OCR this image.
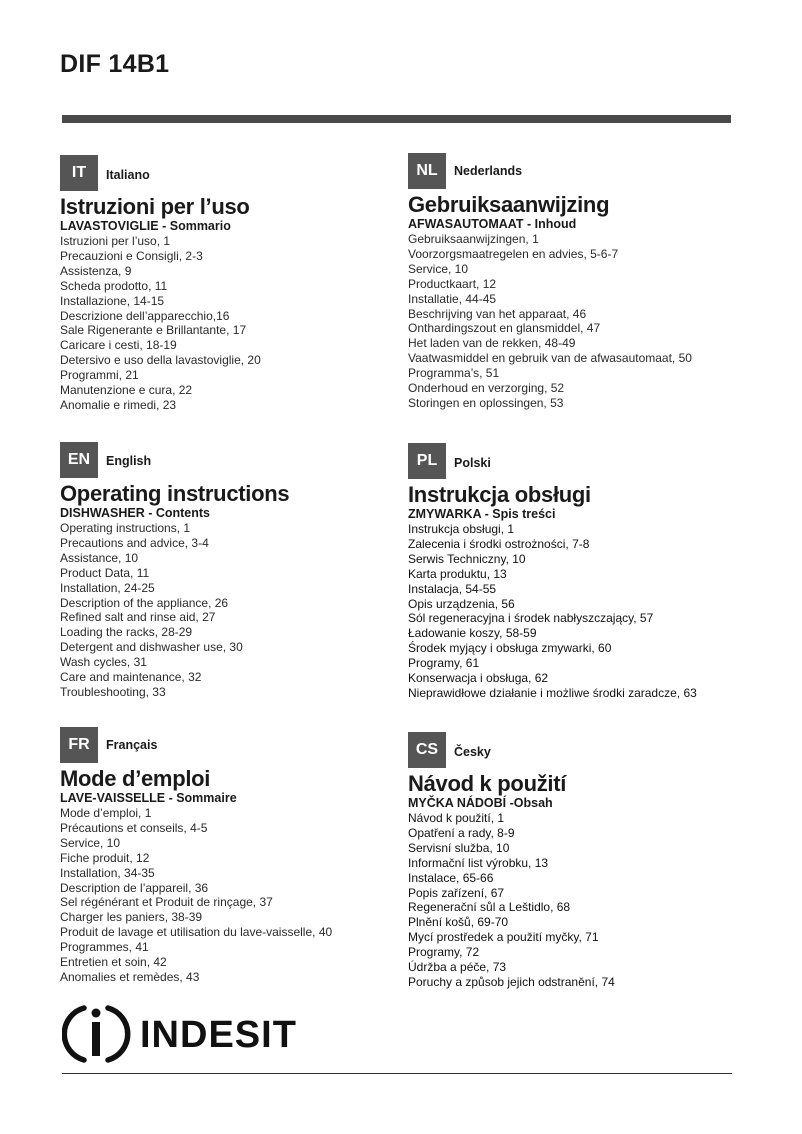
DIF 14B1
IT	Italiano
Istruzioni per l’uso
LAVASTOVIGLIE - Sommario
Istruzioni per l’uso, 1
Precauzioni e Consigli, 2-3
Assistenza, 9
Scheda prodotto, 11
Installazione, 14-15
Descrizione dell’apparecchio,16
Sale Rigenerante e Brillantante, 17
Caricare i cesti, 18-19
Detersivo e uso della lavastoviglie, 20
Programmi, 21
Manutenzione e cura, 22
Anomalie e rimedi, 23
NL	Nederlands
Gebruiksaanwijzing
AFWASAUTOMAAT - Inhoud
Gebruiksaanwijzingen, 1
Voorzorgsmaatregelen en advies, 5-6-7
Service, 10
Productkaart, 12
Installatie, 44-45
Beschrijving van het apparaat, 46
Onthardingszout en glansmiddel, 47
Het laden van de rekken, 48-49
Vaatwasmiddel en gebruik van de afwasautomaat, 50
Programma’s, 51
Onderhoud en verzorging, 52
Storingen en oplossingen, 53
EN	English
Operating instructions
DISHWASHER - Contents
Operating instructions, 1
Precautions and advice, 3-4
Assistance, 10
Product Data, 11
Installation, 24-25
Description of the appliance, 26
Refined salt and rinse aid, 27
Loading the racks, 28-29
Detergent and dishwasher use, 30
Wash cycles, 31
Care and maintenance, 32
Troubleshooting, 33
PL	Polski
Instrukcja obsługi
ZMYWARKA - Spis treści
Instrukcja obsługi, 1
Zalecenia i środki ostrożności, 7-8
Serwis Techniczny, 10
Karta produktu, 13
Instalacja, 54-55
Opis urządzenia, 56
Sól regeneracyjna i środek nabłyszczający, 57
Ładowanie koszy, 58-59
Środek myjący i obsługa zmywarki, 60
Programy, 61
Konserwacja i obsługa, 62
Nieprawidłowe działanie i możliwe środki zaradcze, 63
FR	Français
Mode d’emploi
LAVE-VAISSELLE - Sommaire
Mode d’emploi, 1
Précautions et conseils, 4-5
Service, 10
Fiche produit, 12
Installation, 34-35
Description de l’appareil, 36
Sel régénérant et Produit de rinçage, 37
Charger les paniers, 38-39
Produit de lavage et utilisation du lave-vaisselle, 40
Programmes, 41
Entretien et soin, 42
Anomalies et remèdes, 43
CS	Česky
Návod k použití
MYČKA NÁDOBÍ -Obsah
Návod k použití, 1
Opatření a rady, 8-9
Servisní služba, 10
Informační list výrobku, 13
Instalace, 65-66
Popis zařízení, 67
Regenerační sůl a Leštidlo, 68
Plnění košů, 69-70
Mycí prostředek a použití myčky, 71
Programy, 72
Údržba a péče, 73
Poruchy a způsob jejich odstranění, 74
INDESIT
